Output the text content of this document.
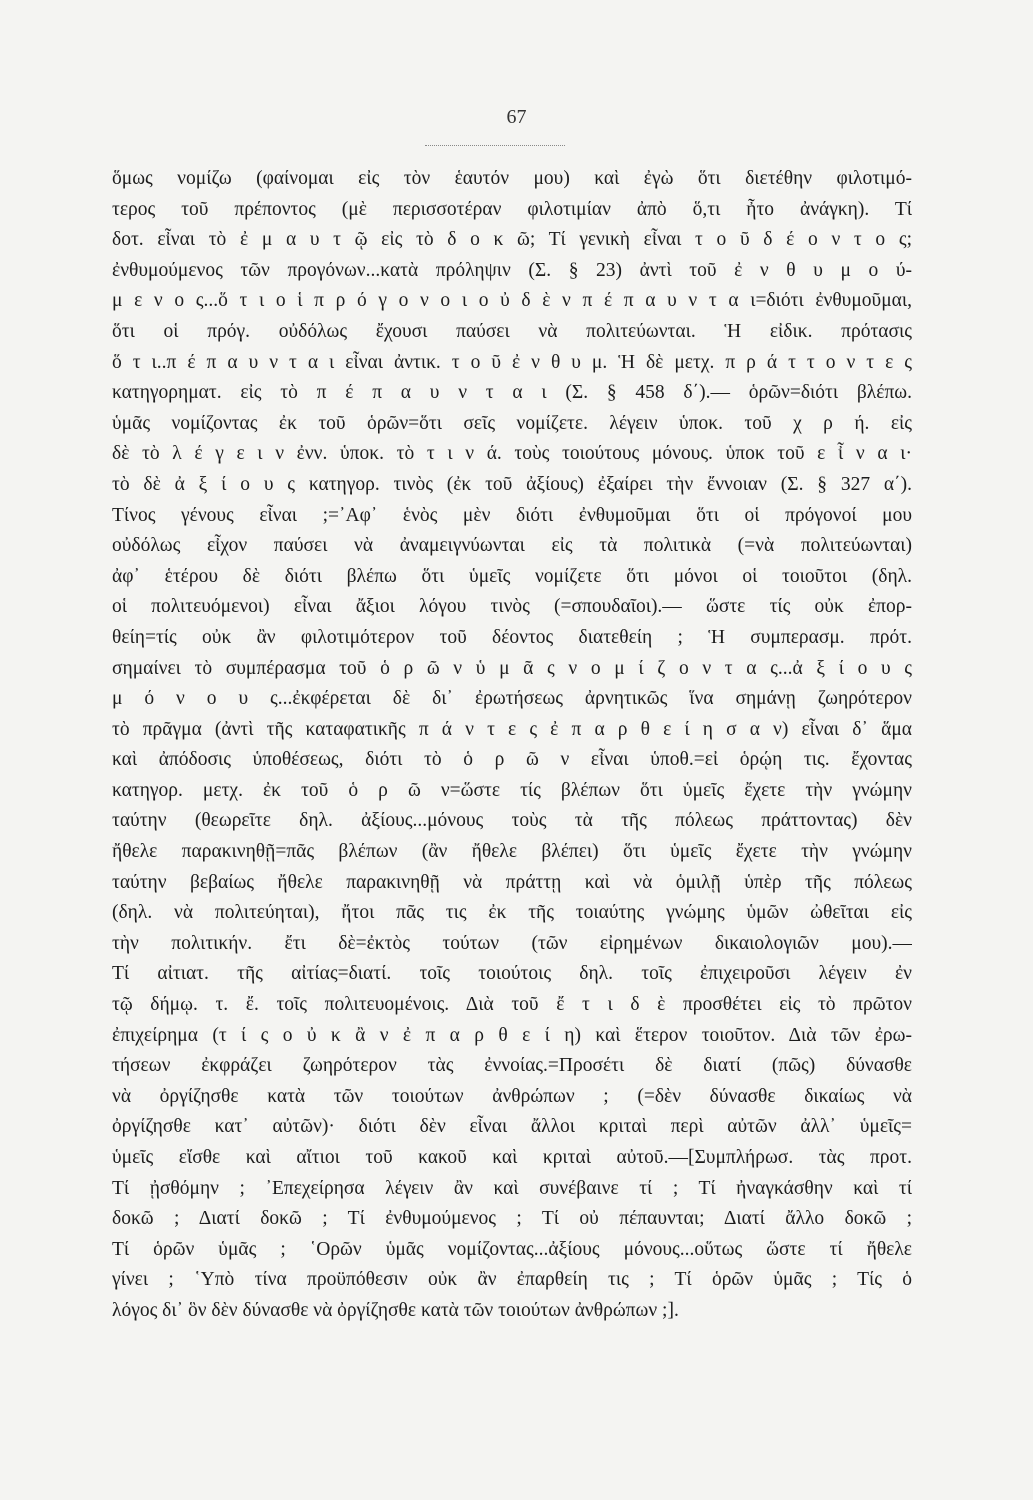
67
ὅμως νομίζω (φαίνομαι εἰς τὸν ἑαυτόν μου) καὶ ἐγὼ ὅτι διετέθην φιλοτιμό-
τερος τοῦ πρέποντος (μὲ περισσοτέραν φιλοτιμίαν ἀπὸ ὅ,τι ἦτο ἀνάγκη). Τί
δοτ. εἶναι τὸ ἐ μ α υ τ ῷ εἰς τὸ δ ο κ ῶ; Τί γενικὴ εἶναι τ ο ῦ δ έ ο ν τ ο ς;
ἐνθυμούμενος τῶν προγόνων...κατὰ πρόληψιν (Σ. § 23) ἀντὶ τοῦ ἐ ν θ υ μ ο ύ-
μ ε ν ο ς...ὅ τ ι ο ἱ π ρ ό γ ο ν ο ι ο ὐ δ ὲ ν π έ π α υ ν τ α ι=διότι ἐνθυμοῦμαι,
ὅτι οἱ πρόγ. οὐδόλως ἔχουσι παύσει νὰ πολιτεύωνται. Ἡ εἰδικ. πρότασις
ὅ τ ι..π έ π α υ ν τ α ι εἶναι ἀντικ. τ ο ῦ ἐ ν θ υ μ. Ἡ δὲ μετχ. π ρ ά τ τ ο ν τ ε ς
κατηγορηματ. εἰς τὸ π έ π α υ ν τ α ι (Σ. § 458 δ΄).— ὁρῶν=διότι βλέπω.
ὑμᾶς νομίζοντας ἐκ τοῦ ὁρῶν=ὅτι σεῖς νομίζετε. λέγειν ὑποκ. τοῦ χ ρ ή. εἰς
δὲ τὸ λ έ γ ε ι ν ἐνν. ὑποκ. τὸ τ ι ν ά. τοὺς τοιούτους μόνους. ὑποκ τοῦ ε ἶ ν α ι·
τὸ δὲ ἀ ξ ί ο υ ς κατηγορ. τινὸς (ἐκ τοῦ ἀξίους) ἐξαίρει τὴν ἔννοιαν (Σ. § 327 α΄).
Τίνος γένους εἶναι ;=᾿Αφ᾿ ἑνὸς μὲν διότι ἐνθυμοῦμαι ὅτι οἱ πρόγονοί μου
οὐδόλως εἶχον παύσει νὰ ἀναμειγνύωνται εἰς τὰ πολιτικὰ (=νὰ πολιτεύωνται)
ἀφ᾿ ἑτέρου δὲ διότι βλέπω ὅτι ὑμεῖς νομίζετε ὅτι μόνοι οἱ τοιοῦτοι (δηλ.
οἱ πολιτευόμενοι) εἶναι ἄξιοι λόγου τινὸς (=σπουδαῖοι).— ὥστε τίς οὐκ ἐπορ-
θείη=τίς οὐκ ἂν φιλοτιμότερον τοῦ δέοντος διατεθείη ; Ἡ συμπερασμ. πρότ.
σημαίνει τὸ συμπέρασμα τοῦ ὁ ρ ῶ ν ὑ μ ᾶ ς ν ο μ ί ζ ο ν τ α ς...ἀ ξ ί ο υ ς
μ ό ν ο υ ς...ἐκφέρεται δὲ δι᾿ ἐρωτήσεως ἀρνητικῶς ἵνα σημάνῃ ζωηρότερον
τὸ πρᾶγμα (ἀντὶ τῆς καταφατικῆς π ά ν τ ε ς ἐ π α ρ θ ε ί η σ α ν) εἶναι δ᾿ ἅμα
καὶ ἀπόδοσις ὑποθέσεως, διότι τὸ ὁ ρ ῶ ν εἶναι ὑποθ.=εἰ ὁρῴη τις. ἔχοντας
κατηγορ. μετχ. ἐκ τοῦ ὁ ρ ῶ ν=ὥστε τίς βλέπων ὅτι ὑμεῖς ἔχετε τὴν γνώμην
ταύτην (θεωρεῖτε δηλ. ἀξίους...μόνους τοὺς τὰ τῆς πόλεως πράττοντας) δὲν
ἤθελε παρακινηθῇ=πᾶς βλέπων (ἂν ἤθελε βλέπει) ὅτι ὑμεῖς ἔχετε τὴν γνώμην
ταύτην βεβαίως ἤθελε παρακινηθῇ νὰ πράττῃ καὶ νὰ ὁμιλῇ ὑπὲρ τῆς πόλεως
(δηλ. νὰ πολιτεύηται), ἤτοι πᾶς τις ἐκ τῆς τοιαύτης γνώμης ὑμῶν ὠθεῖται εἰς
τὴν πολιτικήν. ἔτι δὲ=ἐκτὸς τούτων (τῶν εἰρημένων δικαιολογιῶν μου).—
Τί αἰτιατ. τῆς αἰτίας=διατί. τοῖς τοιούτοις δηλ. τοῖς ἐπιχειροῦσι λέγειν ἐν
τῷ δήμῳ. τ. ἔ. τοῖς πολιτευομένοις. Διὰ τοῦ ἔ τ ι δ ὲ προσθέτει εἰς τὸ πρῶτον
ἐπιχείρημα (τ ί ς ο ὐ κ ἂ ν ἐ π α ρ θ ε ί η) καὶ ἕτερον τοιοῦτον. Διὰ τῶν ἐρω-
τήσεων ἐκφράζει ζωηρότερον τὰς ἐννοίας.=Προσέτι δὲ διατί (πῶς) δύνασθε
νὰ ὀργίζησθε κατὰ τῶν τοιούτων ἀνθρώπων ; (=δὲν δύνασθε δικαίως νὰ
ὀργίζησθε κατ᾿ αὐτῶν)· διότι δὲν εἶναι ἄλλοι κριταὶ περὶ αὐτῶν ἀλλ᾿ ὑμεῖς=
ὑμεῖς εἴσθε καὶ αἴτιοι τοῦ κακοῦ καὶ κριταὶ αὐτοῦ.—[Συμπλήρωσ. τὰς προτ.
Τί ᾐσθόμην ; ᾿Επεχείρησα λέγειν ἂν καὶ συνέβαινε τί ; Τί ἠναγκάσθην καὶ τί
δοκῶ ; Διατί δοκῶ ; Τί ἐνθυμούμενος ; Τί οὐ πέπαυνται; Διατί ἄλλο δοκῶ ;
Τί ὁρῶν ὑμᾶς ; ῾Ορῶν ὑμᾶς νομίζοντας...ἀξίους μόνους...οὕτως ὥστε τί ἤθελε
γίνει ; ῾Υπὸ τίνα προϋπόθεσιν οὐκ ἂν ἐπαρθείη τις ; Τί ὁρῶν ὑμᾶς ; Τίς ὁ
λόγος δι᾿ ὃν δὲν δύνασθε νὰ ὀργίζησθε κατὰ τῶν τοιούτων ἀνθρώπων ;].
